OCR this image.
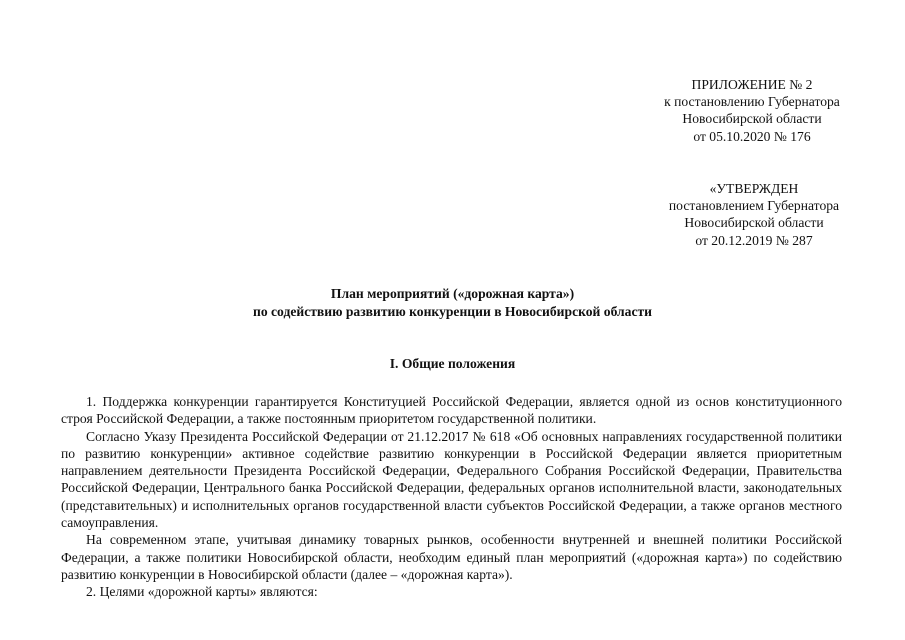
ПРИЛОЖЕНИЕ № 2
к постановлению Губернатора
Новосибирской области
от 05.10.2020 № 176
«УТВЕРЖДЕН
постановлением Губернатора
Новосибирской области
от 20.12.2019 № 287
План мероприятий («дорожная карта»)
по содействию развитию конкуренции в Новосибирской области
I. Общие положения

1. Поддержка конкуренции гарантируется Конституцией Российской Федерации, является одной из основ конституционного строя Российской Федерации, а также постоянным приоритетом государственной политики.

Согласно Указу Президента Российской Федерации от 21.12.2017 № 618 «Об основных направлениях государственной политики по развитию конкуренции» активное содействие развитию конкуренции в Российской Федерации является приоритетным направлением деятельности Президента Российской Федерации, Федерального Собрания Российской Федерации, Правительства Российской Федерации, Центрального банка Российской Федерации, федеральных органов исполнительной власти, законодательных (представительных) и исполнительных органов государственной власти субъектов Российской Федерации, а также органов местного самоуправления.

На современном этапе, учитывая динамику товарных рынков, особенности внутренней и внешней политики Российской Федерации, а также политики Новосибирской области, необходим единый план мероприятий («дорожная карта») по содействию развитию конкуренции в Новосибирской области (далее – «дорожная карта»).

2. Целями «дорожной карты» являются:
